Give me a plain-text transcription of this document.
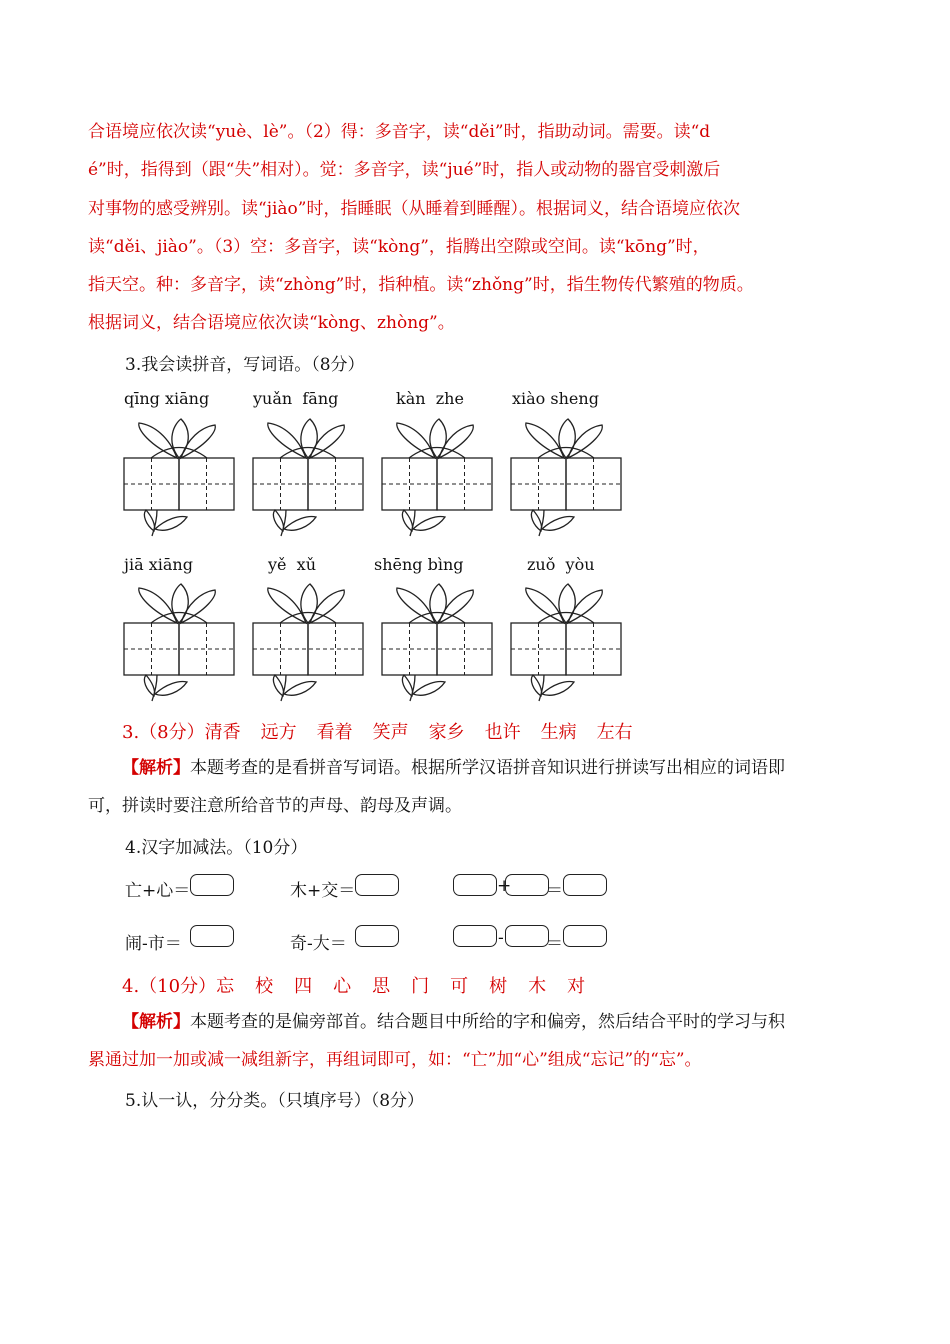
合语境应依次读“yuè、lè”。（2）得：多音字，读“děi”时，指助动词。需要。读“d
é”时，指得到（跟“失”相对）。觉：多音字，读“jué”时，指人或动物的器官受刺激后
对事物的感受辨别。读“jiào”时，指睡眠（从睡着到睡醒）。根据词义，结合语境应依次
读“děi、jiào”。（3）空：多音字，读“kòng”，指腾出空隙或空间。读“kōng”时，
指天空。种：多音字，读“zhòng”时，指种植。读“zhǒng”时，指生物传代繁殖的物质。
根据词义，结合语境应依次读“kòng、zhòng”。
3.我会读拼音，写词语。（8分）
qīng xiāng	yuǎn  fāng	kàn  zhe	xiào sheng
jiā xiāng	yě  xǔ	shēng bìng	zuǒ  yòu
3.（8分）清香 远方 看着 笑声 家乡 也许 生病 左右
【解析】本题考查的是看拼音写词语。根据所学汉语拼音知识进行拼读写出相应的词语即
可，拼读时要注意所给音节的声母、韵母及声调。
4.汉字加减法。（10分）
亡+心＝	木+交＝	+ ＝
闹-市＝	奇-大＝	- ＝
4.（10分）忘 校 四 心 思 门 可 树 木 对
【解析】本题考查的是偏旁部首。结合题目中所给的字和偏旁，然后结合平时的学习与积
累通过加一加或减一减组新字，再组词即可，如：“亡”加“心”组成“忘记”的“忘”。
5.认一认，分分类。（只填序号）（8分）
